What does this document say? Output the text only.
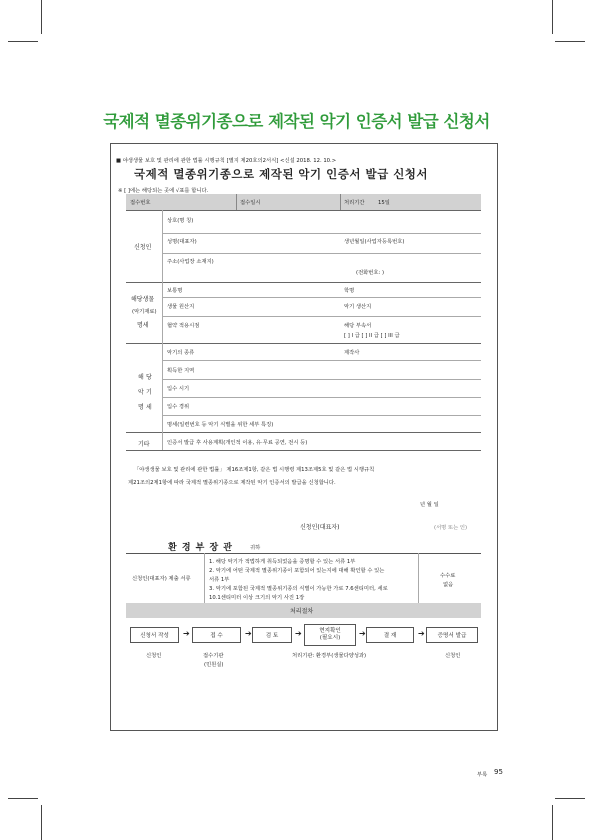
국제적 멸종위기종으로 제작된 악기 인증서 발급 신청서
■ 야생생물 보호 및 관리에 관한 법률 시행규칙 [별지 제20호의2서식] <신설 2018. 12. 10.>
국제적 멸종위기종으로 제작된 악기 인증서 발급 신청서
※ [ ]에는 해당되는 곳에 √표를 합니다.
접수번호	접수일시	처리기간	15일
신청인
상호(명 칭)
성명(대표자)	생년월일(사업자등록번호)
주소(사업장 소재지)
(전화번호: )
해당생물
(악기재료)
명세
보통명	학명
생물 원산지	악기 생산지
협약 적용시점	해당 부속서
[ ] I 급 [ ] II 급 [ ] III 급
해 당
악 기
명 세
악기의 종류	제작사
획득한 지역
입수 시기
입수 경위
명세(일련번호 등 악기 식별을 위한 세부 특징)
기타	인증서 발급 후 사용계획(개인적 이용, 유·무료 공연, 전시 등)
「야생생물 보호 및 관리에 관한 법률」 제16조제1항, 같은 법 시행령 제13조제5호 및 같은 법 시행규칙
제21조의2제1항에 따라 국제적 멸종위기종으로 제작된 악기 인증서의 발급을 신청합니다.
년 월 일
신청인(대표자)	(서명 또는 인)
환 경 부 장 관	귀하
신청인(대표자) 제출 서류
1. 해당 악기가 적법하게 취득되었음을 증명할 수 있는 서류 1부
2. 악기에 어떤 국제적 멸종위기종이 포함되어 있는지에 대해 확인할 수 있는
서류 1부
3. 악기에 포함된 국제적 멸종위기종의 식별이 가능한 가로 7.6센티미터, 세로
10.1센티미터 이상 크기의 악기 사진 1장
수수료
없음
처리절차
신청서 작성 ➔	접 수	➔	검 토 ➔	현지확인
(필요시) ➔	결 재	➔ 증명서 발급
신청인	접수기관
(민원실)
처리기관: 환경부(생물다양성과)	신청인
부록 95
